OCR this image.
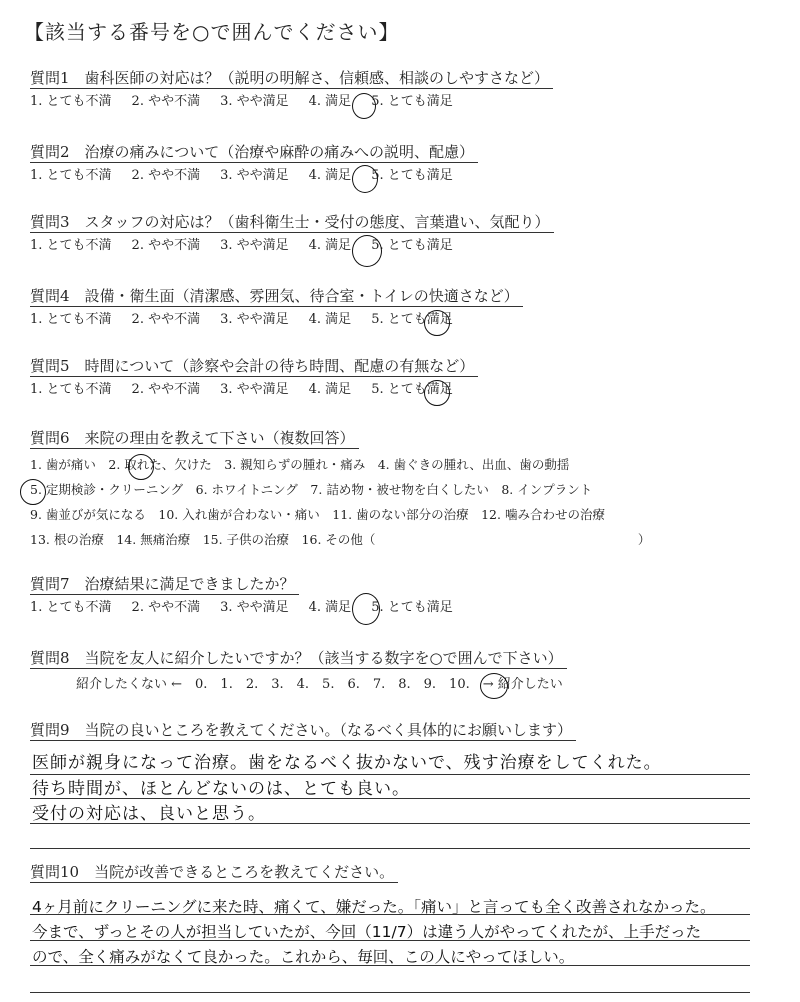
【該当する番号を○で囲んでください】
質問1　歯科医師の対応は？（説明の明解さ、信頼感、相談のしやすさなど）
1. とても不満 2. やや不満 3. やや満足 4. 満足 5. とても満足
質問2　治療の痛みについて（治療や麻酔の痛みへの説明、配慮）
1. とても不満 2. やや不満 3. やや満足 4. 満足 5. とても満足
質問3　スタッフの対応は？（歯科衛生士・受付の態度、言葉遣い、気配り）
1. とても不満 2. やや不満 3. やや満足 4. 満足 5. とても満足
質問4　設備・衛生面（清潔感、雰囲気、待合室・トイレの快適さなど）
1. とても不満 2. やや不満 3. やや満足 4. 満足 5. とても満足
質問5　時間について（診察や会計の待ち時間、配慮の有無など）
1. とても不満 2. やや不満 3. やや満足 4. 満足 5. とても満足
質問6　来院の理由を教えて下さい（複数回答）
1. 歯が痛い　2. 取れた、欠けた　3. 親知らずの腫れ・痛み　4. 歯ぐきの腫れ、出血、歯の動揺
5. 定期検診・クリーニング　6. ホワイトニング　7. 詰め物・被せ物を白くしたい　8. インプラント
9. 歯並びが気になる　10. 入れ歯が合わない・痛い　11. 歯のない部分の治療　12. 噛み合わせの治療
13. 根の治療　14. 無痛治療　15. 子供の治療　16. その他（　　　　　　　　　　　　　　　　　　　　　）
質問7　治療結果に満足できましたか？
1. とても不満 2. やや不満 3. やや満足 4. 満足 5. とても満足
質問8　当院を友人に紹介したいですか？（該当する数字を○で囲んで下さい）
紹介したくない ←　0.　1.　2.　3.　4.　5.　6.　7.　8.　9.　10.　→ 紹介したい
質問9　当院の良いところを教えてください。（なるべく具体的にお願いします）
医師が親身になって治療。歯をなるべく抜かないで、残す治療をしてくれた。
待ち時間が、ほとんどないのは、とても良い。
受付の対応は、良いと思う。
質問10　当院が改善できるところを教えてください。
4ヶ月前にクリーニングに来た時、痛くて、嫌だった。「痛い」と言っても全く改善されなかった。
今まで、ずっとその人が担当していたが、今回（11/7）は違う人がやってくれたが、上手だった
ので、全く痛みがなくて良かった。これから、毎回、この人にやってほしい。
